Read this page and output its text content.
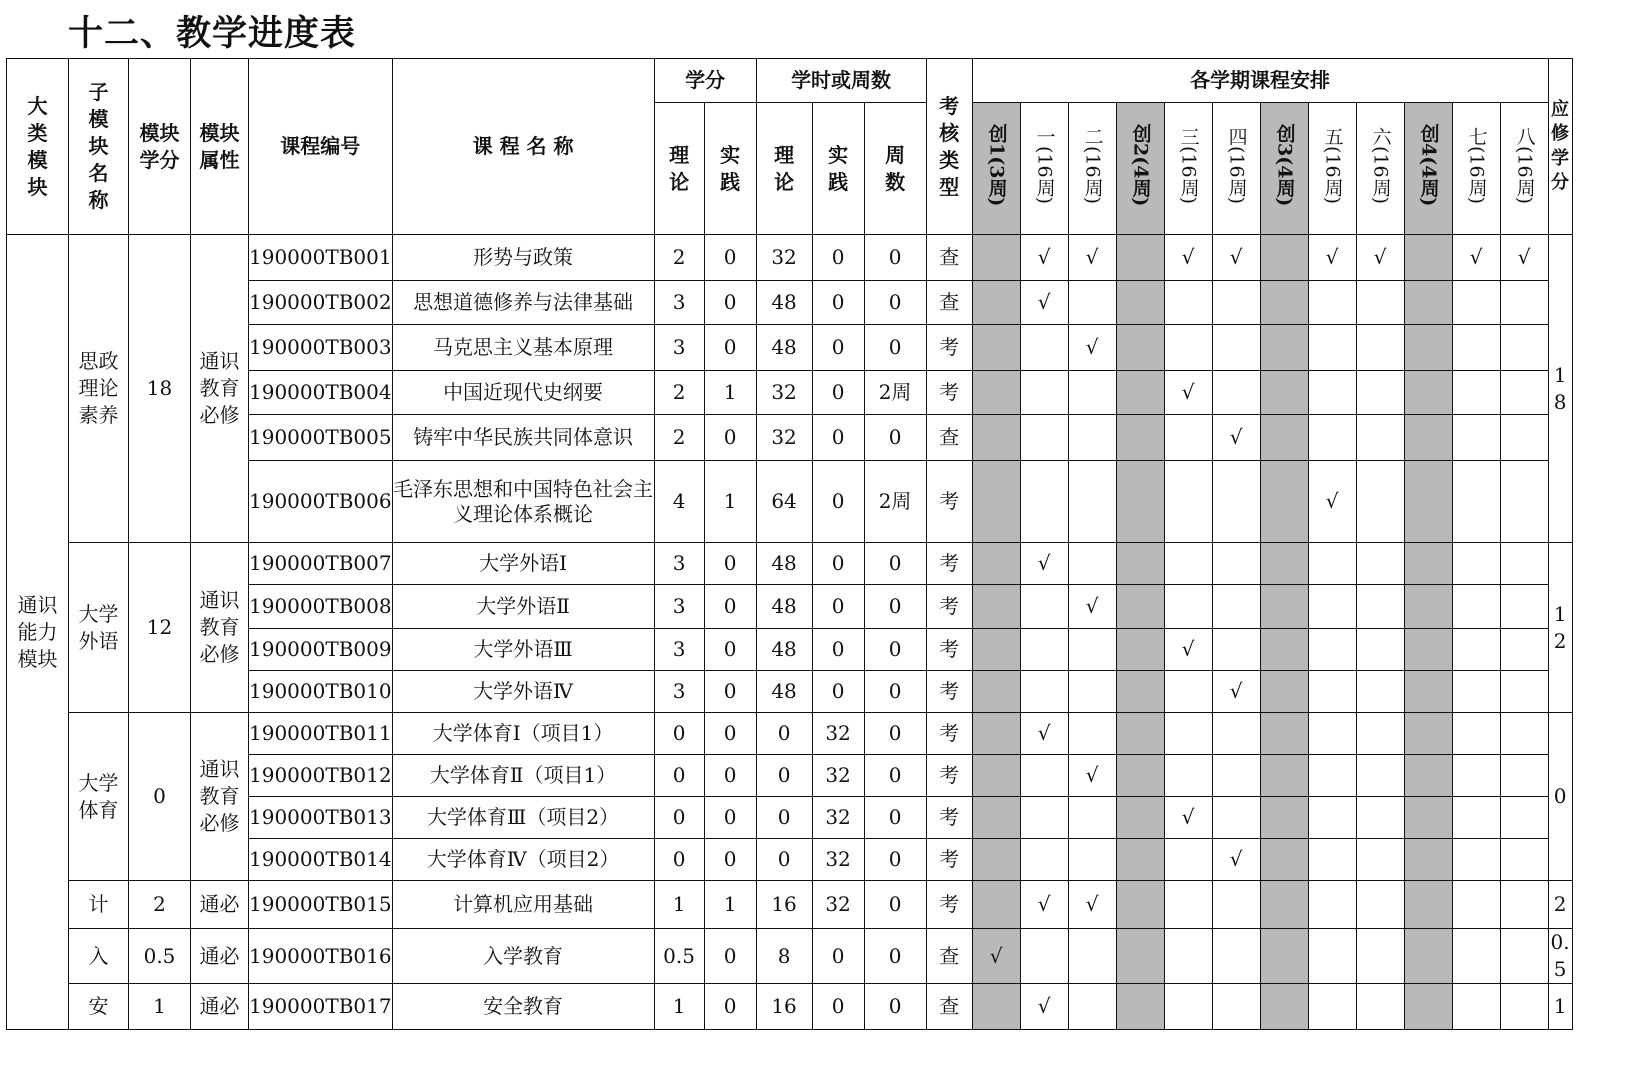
十二、教学进度表
大类模块	子模块名称	模块学分	模块属性	课程编号	课 程 名 称	学分		学时或周数			考核类型	各学期课程安排												应修学分
						理论	实践	理论	实践	周数		创1(3周)	一(16周)	二(16周)	创2(4周)	三(16周)	四(16周)	创3(4周)	五(16周)	六(16周)	创4(4周)	七(16周)	八(16周)	
通识能力模块	思政理论素养	18	通识教育必修	190000TB001	形势与政策	2	0	32	0	0	查		√	√		√	√		√	√		√	√	18
				190000TB002	思想道德修养与法律基础	3	0	48	0	0	查		√											
				190000TB003	马克思主义基本原理	3	0	48	0	0	考			√										
				190000TB004	中国近现代史纲要	2	1	32	0	2周	考					√								
				190000TB005	铸牢中华民族共同体意识	2	0	32	0	0	查						√							
				190000TB006	毛泽东思想和中国特色社会主义理论体系概论	4	1	64	0	2周	考								√					
	大学外语	12	通识教育必修	190000TB007	大学外语Ⅰ	3	0	48	0	0	考		√											12
				190000TB008	大学外语Ⅱ	3	0	48	0	0	考			√										
				190000TB009	大学外语Ⅲ	3	0	48	0	0	考					√								
				190000TB010	大学外语Ⅳ	3	0	48	0	0	考						√							
	大学体育	0	通识教育必修	190000TB011	大学体育Ⅰ（项目1）	0	0	0	32	0	考		√											0
				190000TB012	大学体育Ⅱ（项目1）	0	0	0	32	0	考			√										
				190000TB013	大学体育Ⅲ（项目2）	0	0	0	32	0	考					√								
				190000TB014	大学体育Ⅳ（项目2）	0	0	0	32	0	考						√							
	计	2	通必	190000TB015	计算机应用基础	1	1	16	32	0	考		√	√										2
	入	0.5	通必	190000TB016	入学教育	0.5	0	8	0	0	查	√												0.5
	安	1	通必	190000TB017	安全教育	1	0	16	0	0	查		√											1
